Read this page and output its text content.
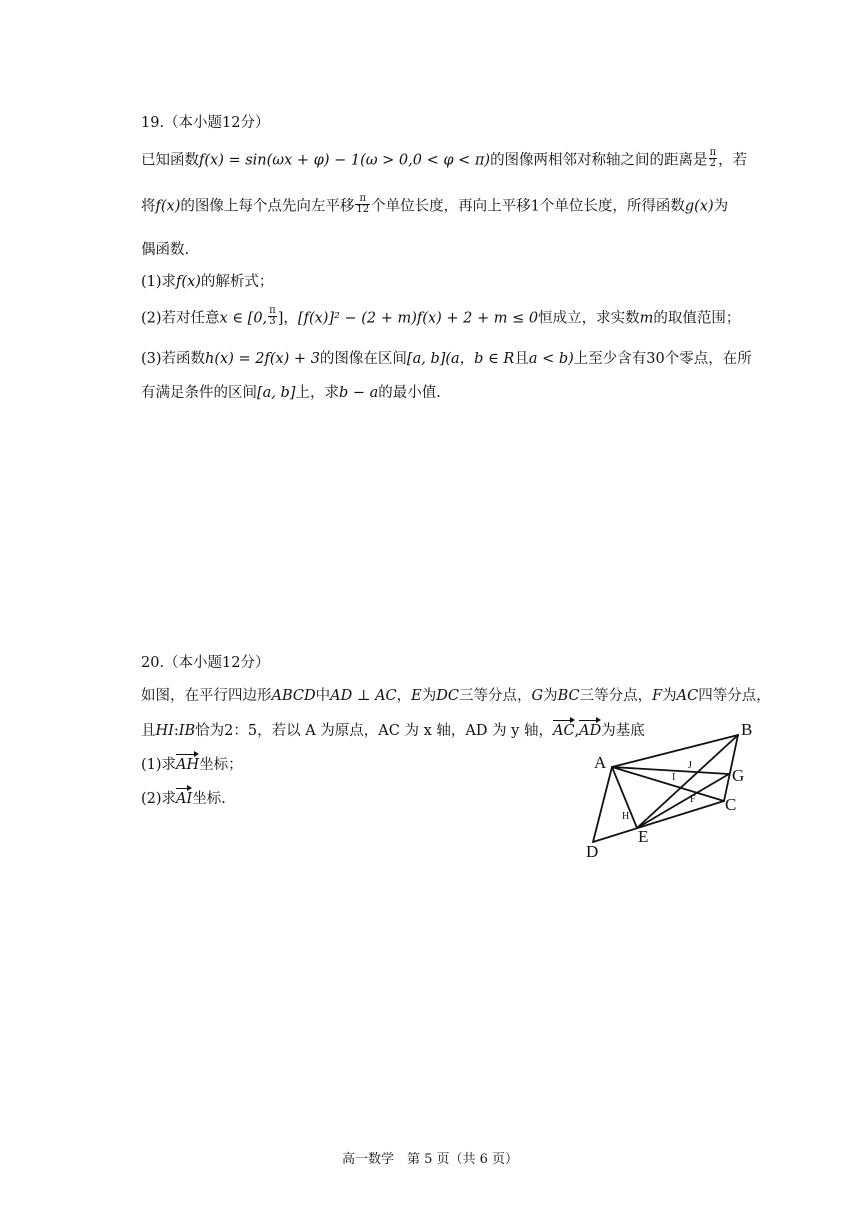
19.（本小题12分）
已知函数f(x) = sin(ωx + φ) − 1(ω > 0,0 < φ < π)的图像两相邻对称轴之间的距离是 $\frac{\pi}{2}$ ，若
将f(x)的图像上每个点先向左平移 $\frac{\pi}{12}$ 个单位长度，再向上平移1个单位长度，所得函数g(x)为
偶函数.
(1)求f(x)的解析式；
(2)若对任意x ∈ [0, $\frac{\pi}{3}$ ]，[f(x)]² − (2 + m)f(x) + 2 + m ≤ 0恒成立，求实数m的取值范围；
(3)若函数h(x) = 2f(x) + 3的图像在区间[a, b](a，b ∈ R且a < b)上至少含有30个零点，在所
有满足条件的区间[a, b]上，求b − a的最小值.
20.（本小题12分）
如图，在平行四边形ABCD中AD ⊥ AC，E为DC三等分点，G为BC三等分点，F为AC四等分点，
且HI:IB恰为2：5，若以 A 为原点，AC 为 x 轴，AD 为 y 轴，AC,AD为基底
(1)求AH坐标；
(2)求AI坐标.
A
B
G
C
D
E
J
I
F
H
高一数学　第 5 页（共 6 页）
